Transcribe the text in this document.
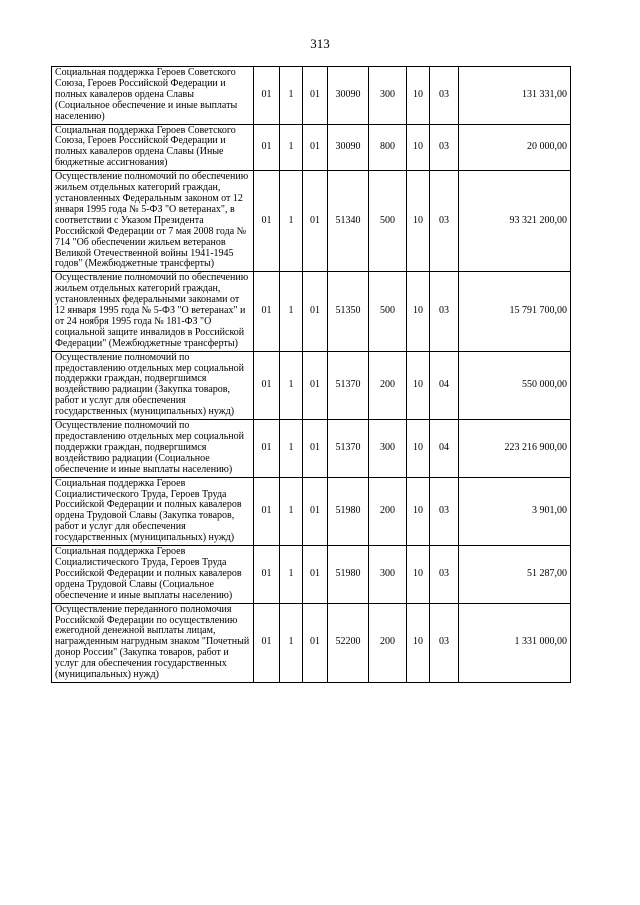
313
Социальная поддержка Героев Советского Союза, Героев Российской Федерации и полных кавалеров ордена Славы (Социальное обеспечение и иные выплаты населению)	01	1	01	30090	300	10	03	131 331,00
Социальная поддержка Героев Советского Союза, Героев Российской Федерации и полных кавалеров ордена Славы (Иные бюджетные ассигнования)	01	1	01	30090	800	10	03	20 000,00
Осуществление полномочий по обеспечению жильем отдельных категорий граждан, установленных Федеральным законом от 12 января 1995 года № 5-ФЗ "О ветеранах", в соответствии с Указом Президента Российской Федерации от 7 мая 2008 года № 714 "Об обеспечении жильем ветеранов Великой Отечественной войны 1941-1945 годов" (Межбюджетные трансферты)	01	1	01	51340	500	10	03	93 321 200,00
Осуществление полномочий по обеспечению жильем отдельных категорий граждан, установленных федеральными законами от 12 января 1995 года № 5-ФЗ "О ветеранах" и от 24 ноября 1995 года № 181-ФЗ "О социальной защите инвалидов в Российской Федерации" (Межбюджетные трансферты)	01	1	01	51350	500	10	03	15 791 700,00
Осуществление полномочий по предоставлению отдельных мер социальной поддержки граждан, подвергшимся воздействию радиации (Закупка товаров, работ и услуг для обеспечения государственных (муниципальных) нужд)	01	1	01	51370	200	10	04	550 000,00
Осуществление полномочий по предоставлению отдельных мер социальной поддержки граждан, подвергшимся воздействию радиации (Социальное обеспечение и иные выплаты населению)	01	1	01	51370	300	10	04	223 216 900,00
Социальная поддержка Героев Социалистического Труда, Героев Труда Российской Федерации и полных кавалеров ордена Трудовой Славы (Закупка товаров, работ и услуг для обеспечения государственных (муниципальных) нужд)	01	1	01	51980	200	10	03	3 901,00
Социальная поддержка Героев Социалистического Труда, Героев Труда Российской Федерации и полных кавалеров ордена Трудовой Славы (Социальное обеспечение и иные выплаты населению)	01	1	01	51980	300	10	03	51 287,00
Осуществление переданного полномочия Российской Федерации по осуществлению ежегодной денежной выплаты лицам, награжденным нагрудным знаком "Почетный донор России" (Закупка товаров, работ и услуг для обеспечения государственных (муниципальных) нужд)	01	1	01	52200	200	10	03	1 331 000,00
